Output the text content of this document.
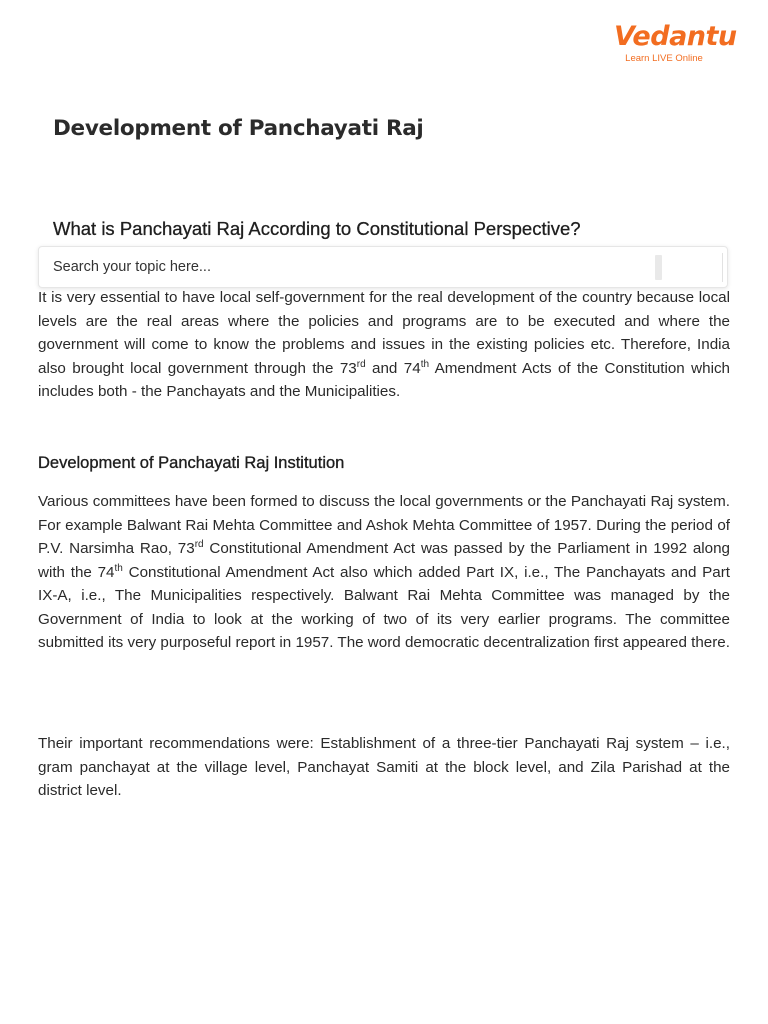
Vedantu
Learn LIVE Online
Development of Panchayati Raj
What is Panchayati Raj According to Constitutional Perspective?

It is very essential to have local self-government for the real development of the country because local levels are the real areas where the policies and programs are to be executed and where the government will come to know the problems and issues in the existing policies etc. Therefore, India also brought local government through the 73rd and 74th Amendment Acts of the Constitution which includes both - the Panchayats and the Municipalities.

Search your topic here...
Development of Panchayati Raj Institution

Various committees have been formed to discuss the local governments or the Panchayati Raj system. For example Balwant Rai Mehta Committee and Ashok Mehta Committee of 1957. During the period of P.V. Narsimha Rao, 73rd Constitutional Amendment Act was passed by the Parliament in 1992 along with the 74th Constitutional Amendment Act also which added Part IX, i.e., The Panchayats and Part IX-A, i.e., The Municipalities respectively. Balwant Rai Mehta Committee was managed by the Government of India to look at the working of two of its very earlier programs. The committee submitted its very purposeful report in 1957. The word democratic decentralization first appeared there.

Their important recommendations were: Establishment of a three-tier Panchayati Raj system – i.e., gram panchayat at the village level, Panchayat Samiti at the block level, and Zila Parishad at the district level.
